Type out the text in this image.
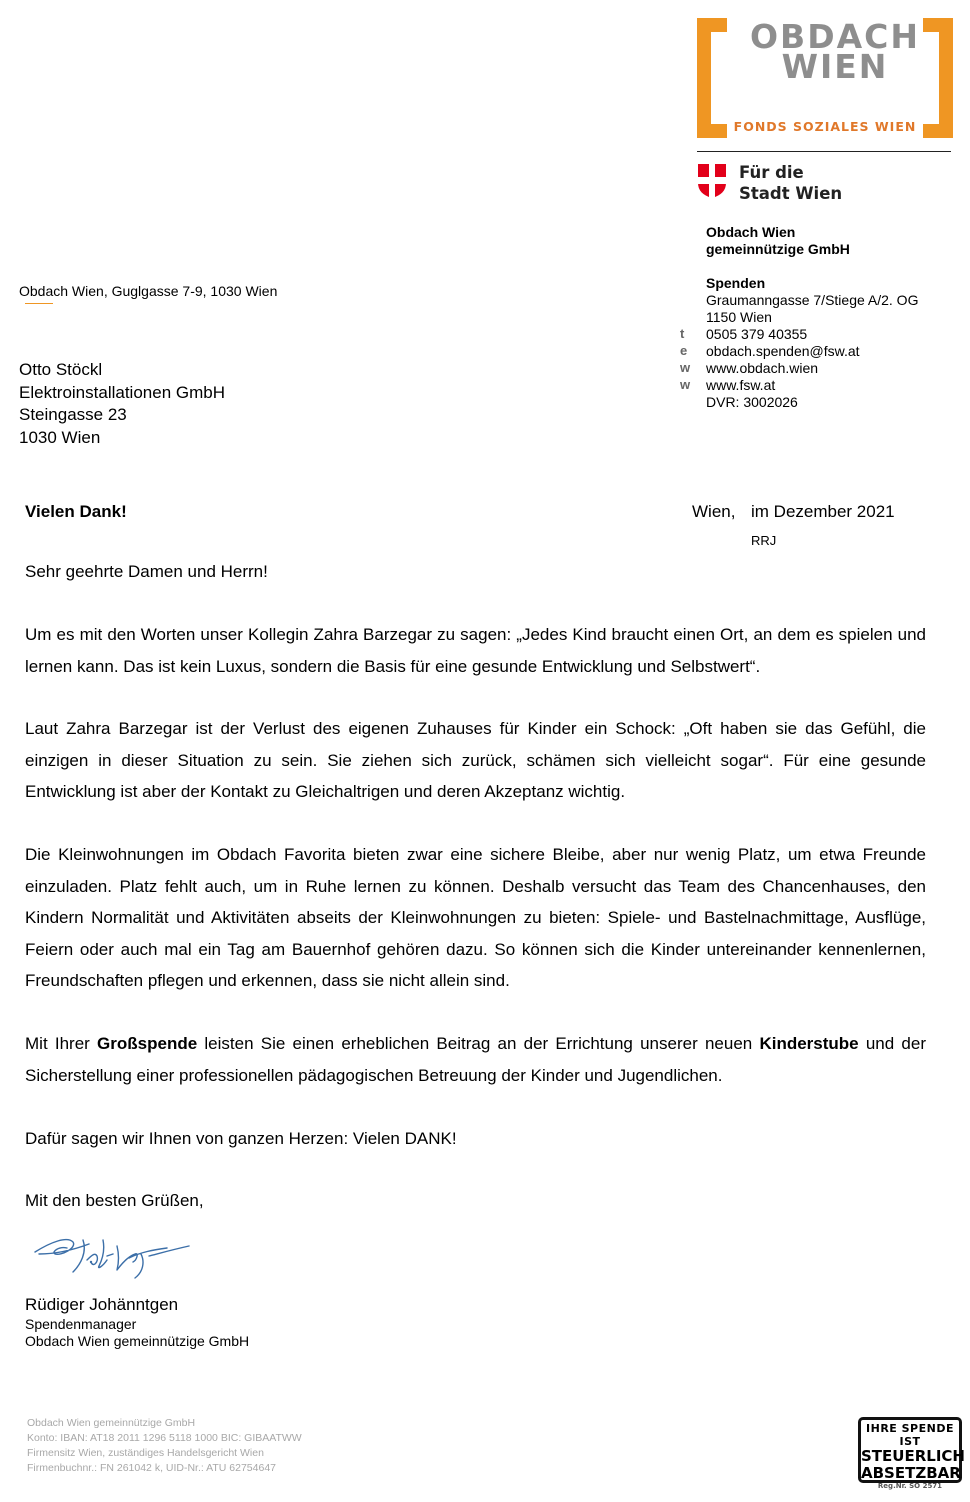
OBDACH
WIEN
FONDS SOZIALES WIEN
Für die
Stadt Wien
Obdach Wien
gemeinnützige GmbH
Spenden
Graumanngasse 7/Stiege A/2. OG
1150 Wien
0505 379 40355
obdach.spenden@fsw.at
www.obdach.wien
www.fsw.at
DVR: 3002026
t
e
w
w
Obdach Wien, Guglgasse 7-9, 1030 Wien
Otto Stöckl
Elektroinstallationen GmbH
Steingasse 23
1030 Wien
Vielen Dank!	Wien, im Dezember 2021
RRJ
Sehr geehrte Damen und Herrn!
Um es mit den Worten unser Kollegin Zahra Barzegar zu sagen: „Jedes Kind braucht einen Ort, an dem es spielen und lernen kann. Das ist kein Luxus, sondern die Basis für eine gesunde Entwicklung und Selbstwert“.
Laut Zahra Barzegar ist der Verlust des eigenen Zuhauses für Kinder ein Schock: „Oft haben sie das Gefühl, die einzigen in dieser Situation zu sein. Sie ziehen sich zurück, schämen sich vielleicht sogar“. Für eine gesunde Entwicklung ist aber der Kontakt zu Gleichaltrigen und deren Akzeptanz wichtig.
Die Kleinwohnungen im Obdach Favorita bieten zwar eine sichere Bleibe, aber nur wenig Platz, um etwa Freunde einzuladen. Platz fehlt auch, um in Ruhe lernen zu können. Deshalb versucht das Team des Chancenhauses, den Kindern Normalität und Aktivitäten abseits der Kleinwohnungen zu bieten: Spiele- und Bastelnachmittage, Ausflüge, Feiern oder auch mal ein Tag am Bauernhof gehören dazu. So können sich die Kinder untereinander kennenlernen, Freundschaften pflegen und erkennen, dass sie nicht allein sind.
Mit Ihrer Großspende leisten Sie einen erheblichen Beitrag an der Errichtung unserer neuen Kinderstube und der Sicherstellung einer professionellen pädagogischen Betreuung der Kinder und Jugendlichen.
Dafür sagen wir Ihnen von ganzen Herzen: Vielen DANK!
Mit den besten Grüßen,
Rüdiger Johänntgen
Spendenmanager
Obdach Wien gemeinnützige GmbH
Obdach Wien gemeinnützige GmbH
Konto: IBAN: AT18 2011 1296 5118 1000 BIC: GIBAATWW
Firmensitz Wien, zuständiges Handelsgericht Wien
Firmenbuchnr.: FN 261042 k, UID-Nr.: ATU 62754647
IHRE SPENDE IST
STEUERLICH
ABSETZBAR
Reg.Nr. SO 2571
